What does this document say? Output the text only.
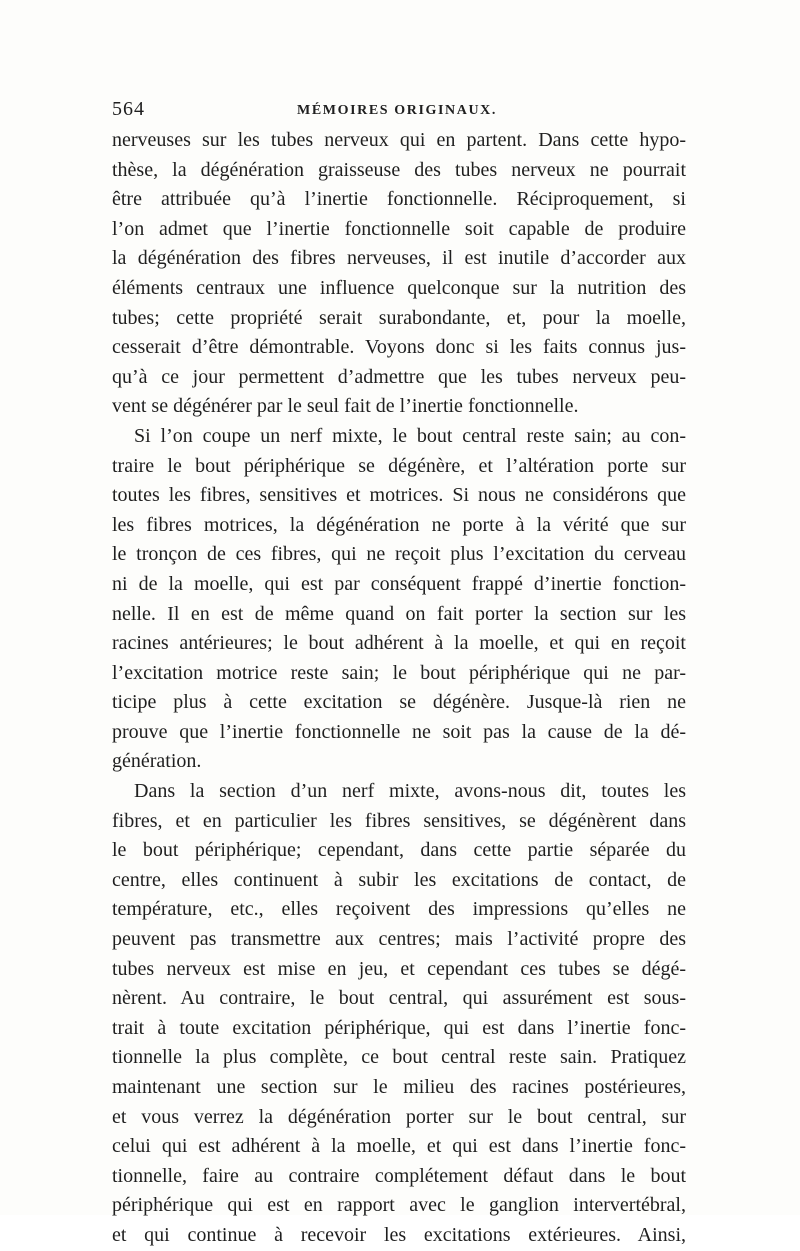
564	MÉMOIRES ORIGINAUX.
nerveuses sur les tubes nerveux qui en partent. Dans cette hypo-
thèse, la dégénération graisseuse des tubes nerveux ne pourrait
être attribuée qu’à l’inertie fonctionnelle. Réciproquement, si
l’on admet que l’inertie fonctionnelle soit capable de produire
la dégénération des fibres nerveuses, il est inutile d’accorder aux
éléments centraux une influence quelconque sur la nutrition des
tubes; cette propriété serait surabondante, et, pour la moelle,
cesserait d’être démontrable. Voyons donc si les faits connus jus-
qu’à ce jour permettent d’admettre que les tubes nerveux peu-
vent se dégénérer par le seul fait de l’inertie fonctionnelle.
Si l’on coupe un nerf mixte, le bout central reste sain; au con-
traire le bout périphérique se dégénère, et l’altération porte sur
toutes les fibres, sensitives et motrices. Si nous ne considérons que
les fibres motrices, la dégénération ne porte à la vérité que sur
le tronçon de ces fibres, qui ne reçoit plus l’excitation du cerveau
ni de la moelle, qui est par conséquent frappé d’inertie fonction-
nelle. Il en est de même quand on fait porter la section sur les
racines antérieures; le bout adhérent à la moelle, et qui en reçoit
l’excitation motrice reste sain; le bout périphérique qui ne par-
ticipe plus à cette excitation se dégénère. Jusque-là rien ne
prouve que l’inertie fonctionnelle ne soit pas la cause de la dé-
génération.
Dans la section d’un nerf mixte, avons-nous dit, toutes les
fibres, et en particulier les fibres sensitives, se dégénèrent dans
le bout périphérique; cependant, dans cette partie séparée du
centre, elles continuent à subir les excitations de contact, de
température, etc., elles reçoivent des impressions qu’elles ne
peuvent pas transmettre aux centres; mais l’activité propre des
tubes nerveux est mise en jeu, et cependant ces tubes se dégé-
nèrent. Au contraire, le bout central, qui assurément est sous-
trait à toute excitation périphérique, qui est dans l’inertie fonc-
tionnelle la plus complète, ce bout central reste sain. Pratiquez
maintenant une section sur le milieu des racines postérieures,
et vous verrez la dégénération porter sur le bout central, sur
celui qui est adhérent à la moelle, et qui est dans l’inertie fonc-
tionnelle, faire au contraire complétement défaut dans le bout
périphérique qui est en rapport avec le ganglion intervertébral,
et qui continue à recevoir les excitations extérieures. Ainsi,
